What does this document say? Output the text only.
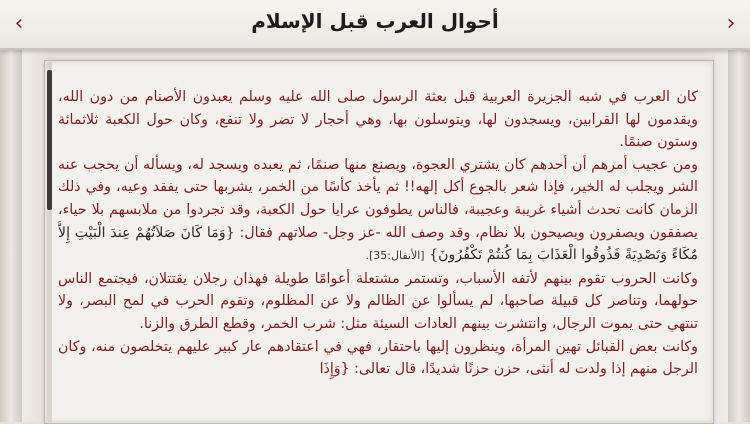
‹	أحوال العرب قبل الإسلام	›

كان العرب في شبه الجزيرة العربية قبل بعثة الرسول صلى الله عليه وسلم يعبدون الأصنام من دون الله، ويقدمون لها القرابين، ويسجدون لها، ويتوسلون بها، وهي أحجار لا تضر ولا تنفع، وكان حول الكعبة ثلاثمائة وستون صنمًا.

ومن عجيب أمرهم أن أحدهم كان يشتري العجوة، ويصنع منها صنمًا، ثم يعبده ويسجد له، ويسأله أن يحجب عنه الشر ويجلب له الخير، فإذا شعر بالجوع أكل إلهه!! ثم يأخذ كأسًا من الخمر، يشربها حتى يفقد وعيه، وفي ذلك الزمان كانت تحدث أشياء غريبة وعجيبة، فالناس يطوفون عرايا حول الكعبة، وقد تجردوا من ملابسهم بلا حياء، يصفقون ويصفرون ويصيحون بلا نظام، وقد وصف الله -عز وجل- صلاتهم فقال: {وَمَا كَانَ صَلاَتُهُمْ عِندَ الْبَيْتِ إِلاَّ مُكَاءً وَتَصْدِيَةً فَذُوقُوا الْعَذَابَ بِمَا كُنتُمْ تَكْفُرُونَ} [الأنفال:35].

وكانت الحروب تقوم بينهم لأتفه الأسباب، وتستمر مشتعلة أعوامًا طويلة فهذان رجلان يقتتلان، فيجتمع الناس حولهما، وتناصر كل قبيلة صاحبها، لم يسألوا عن الظالم ولا عن المظلوم، وتقوم الحرب في لمح البصر، ولا تنتهي حتى يموت الرجال، وانتشرت بينهم العادات السيئة مثل: شرب الخمر، وقطع الطرق والزنا.

وكانت بعض القبائل تهين المرأة، وينظرون إليها باحتقار، فهي في اعتقادهم عار كبير عليهم يتخلصون منه، وكان الرجل منهم إذا ولدت له أنثى، حزن حزنًا شديدًا، قال تعالى: {وَإِذَا
